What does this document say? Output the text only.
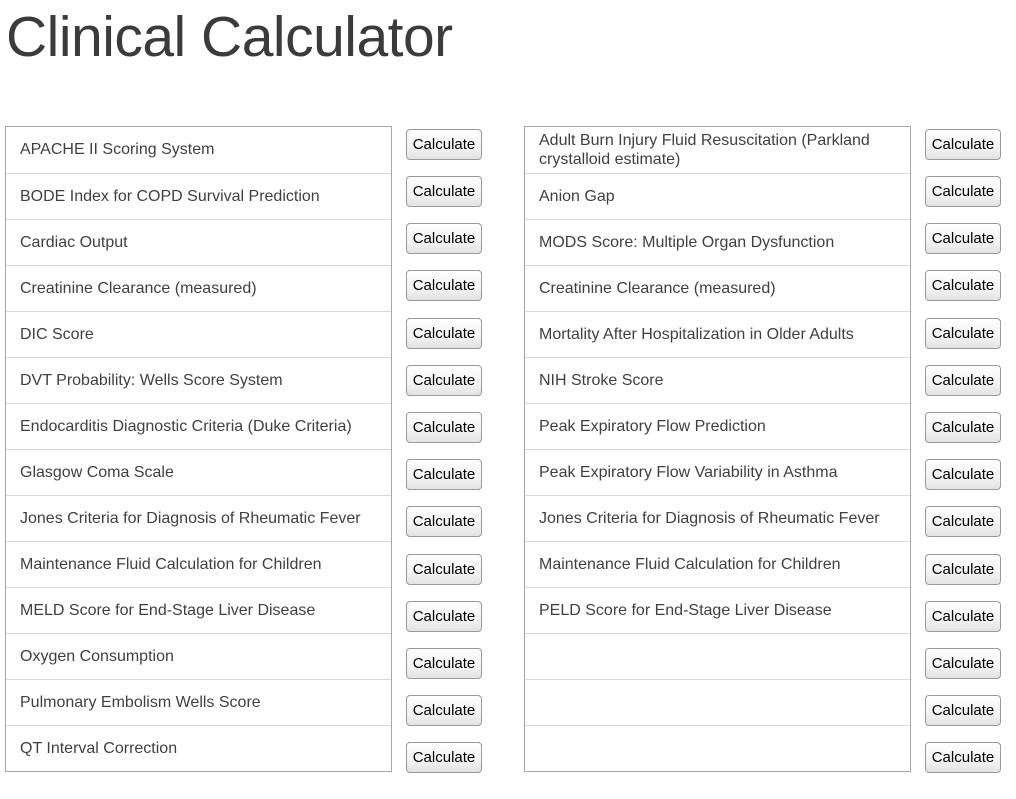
Clinical Calculator
APACHE II Scoring System
BODE Index for COPD Survival Prediction
Cardiac Output
Creatinine Clearance (measured)
DIC Score
DVT Probability: Wells Score System
Endocarditis Diagnostic Criteria (Duke Criteria)
Glasgow Coma Scale
Jones Criteria for Diagnosis of Rheumatic Fever
Maintenance Fluid Calculation for Children
MELD Score for End-Stage Liver Disease
Oxygen Consumption
Pulmonary Embolism Wells Score
QT Interval Correction
Calculate
Calculate
Calculate
Calculate
Calculate
Calculate
Calculate
Calculate
Calculate
Calculate
Calculate
Calculate
Calculate
Calculate
Adult Burn Injury Fluid Resuscitation (Parkland crystalloid estimate)
Anion Gap
MODS Score: Multiple Organ Dysfunction
Creatinine Clearance (measured)
Mortality After Hospitalization in Older Adults
NIH Stroke Score
Peak Expiratory Flow Prediction
Peak Expiratory Flow Variability in Asthma
Jones Criteria for Diagnosis of Rheumatic Fever
Maintenance Fluid Calculation for Children
PELD Score for End-Stage Liver Disease
Calculate
Calculate
Calculate
Calculate
Calculate
Calculate
Calculate
Calculate
Calculate
Calculate
Calculate
Calculate
Calculate
Calculate
